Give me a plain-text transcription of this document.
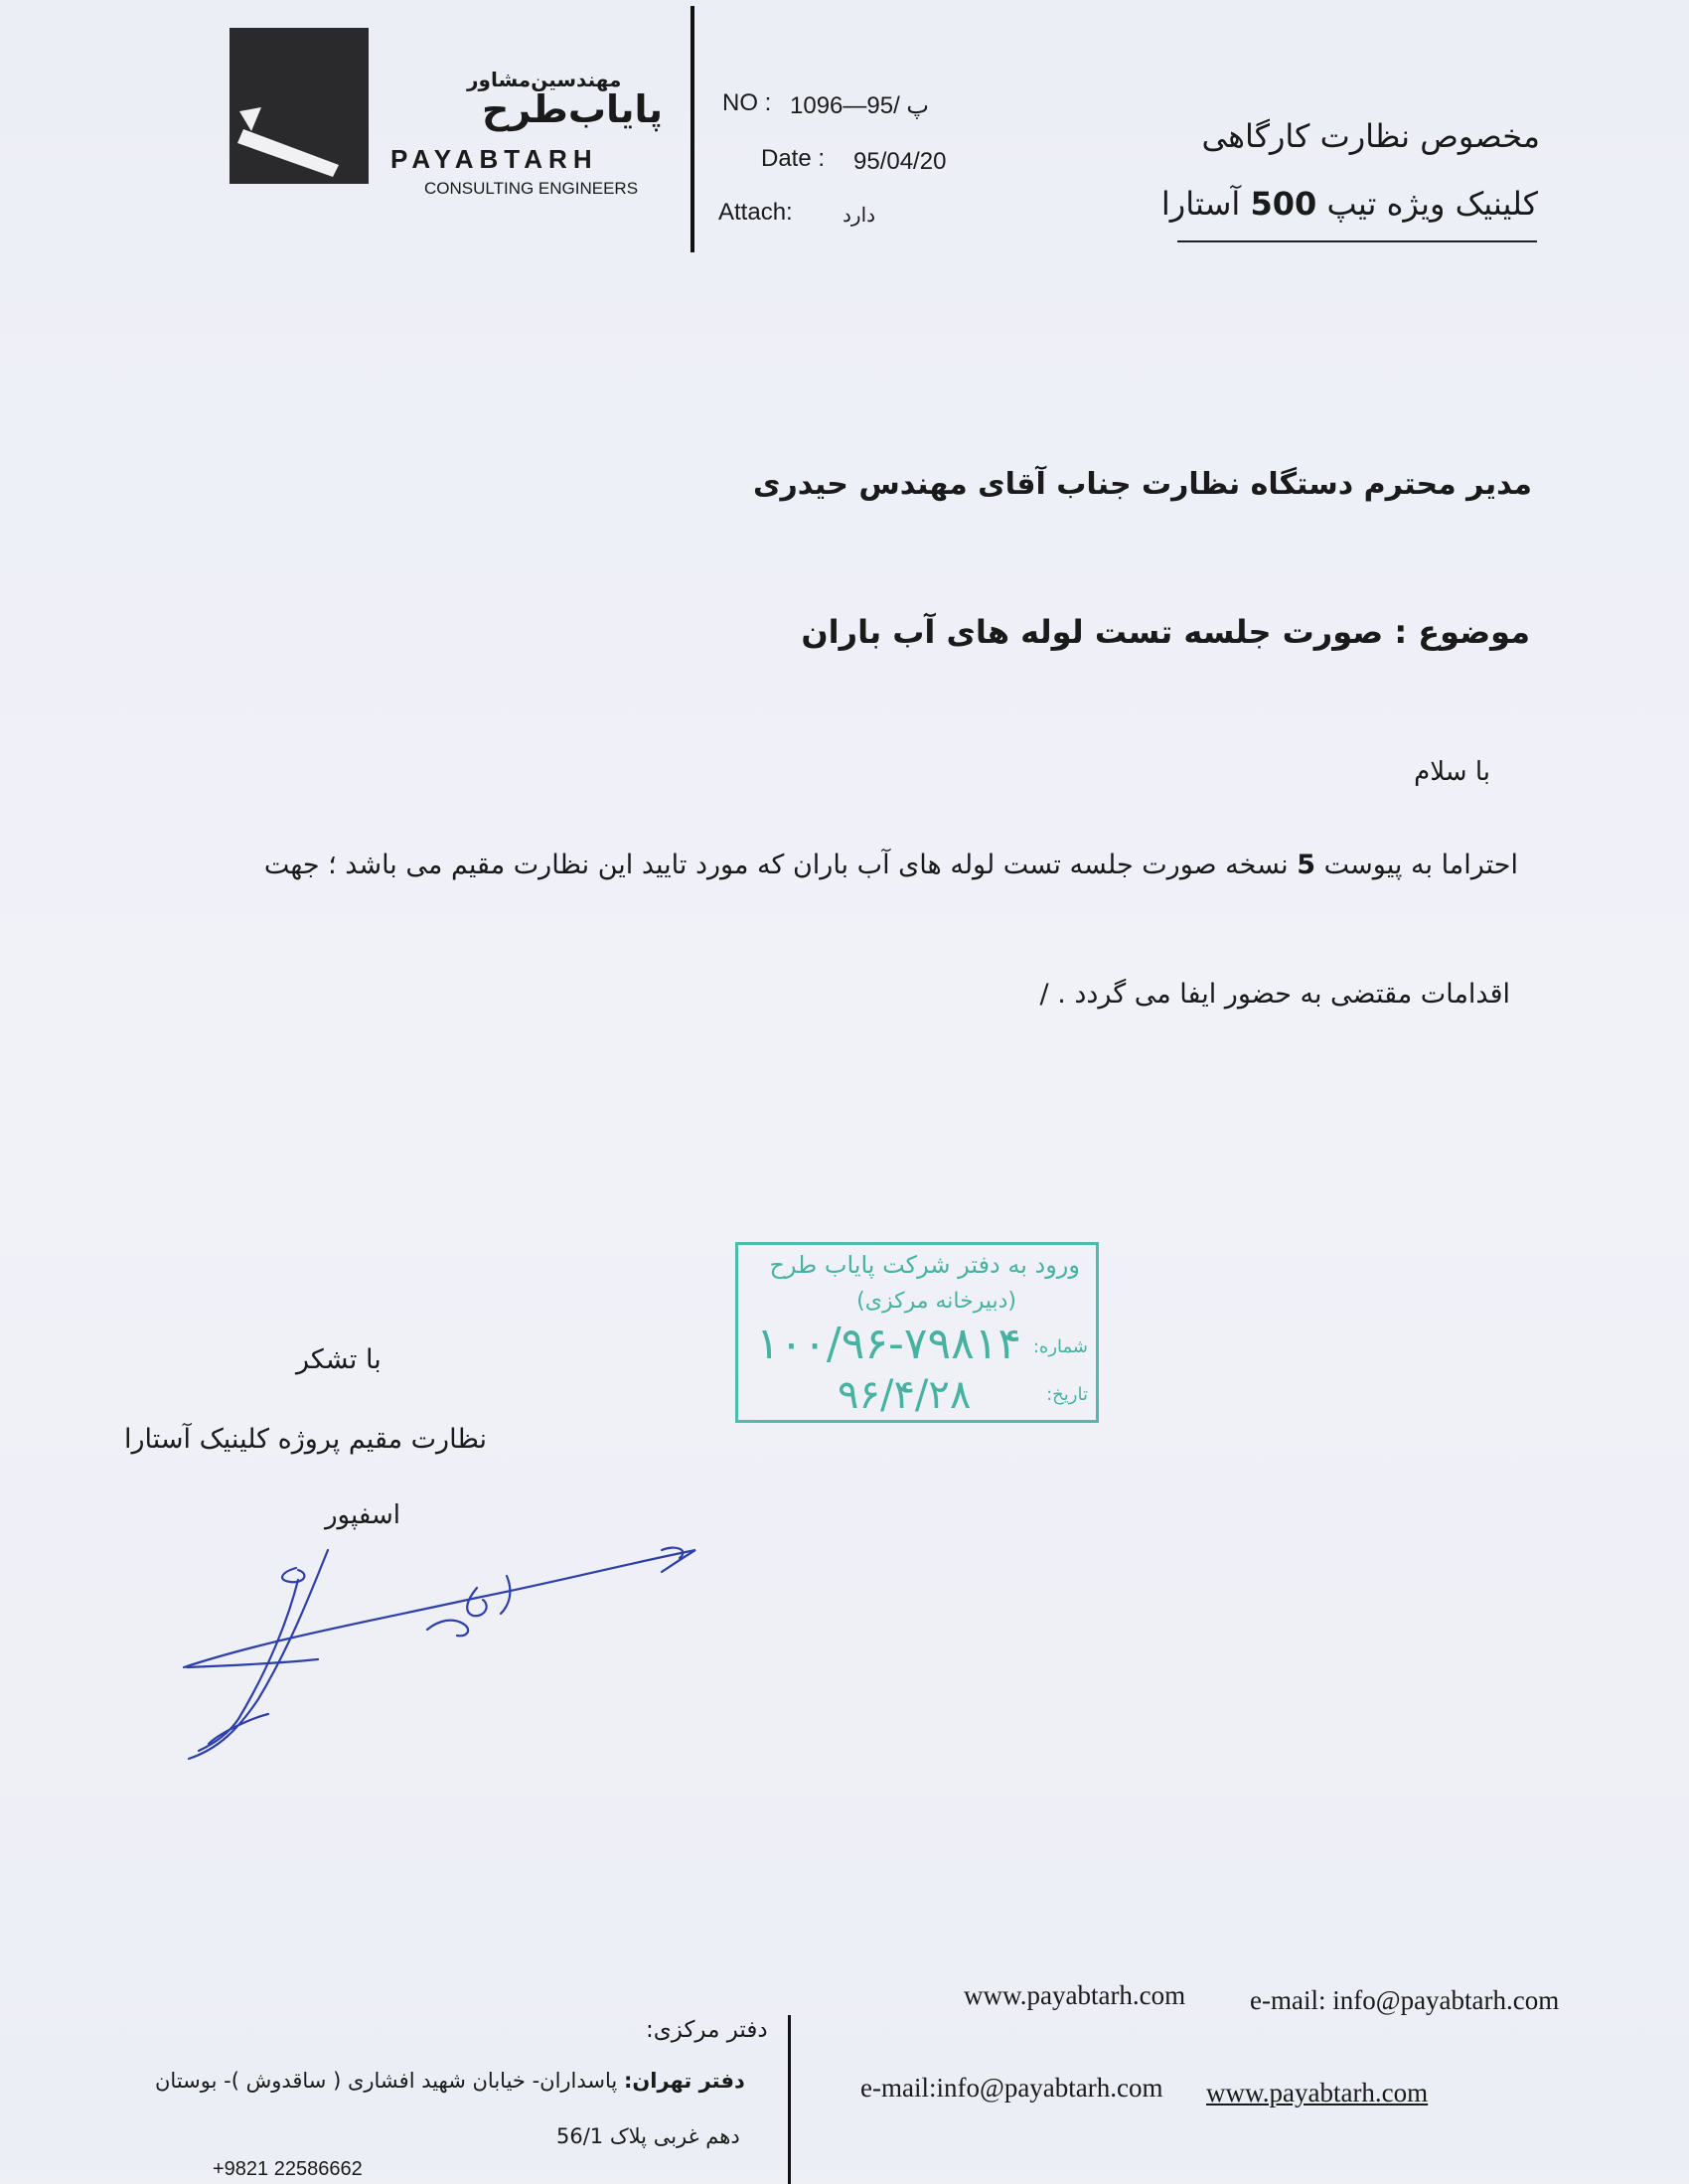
مهندسین‌مشاور
پایاب‌طرح
PAYABTARH
CONSULTING ENGINEERS
NO : پ /95—1096
Date : 95/04/20
Attach:	دارد
مخصوص نظارت کارگاهی
کلینیک ویژه تیپ 500 آستارا
مدیر محترم دستگاه نظارت جناب آقای مهندس حیدری
موضوع : صورت جلسه تست لوله های آب باران
با سلام
احتراما به پیوست 5 نسخه صورت جلسه تست لوله های آب باران که مورد تایید این نظارت مقیم می باشد ؛ جهت
اقدامات مقتضی به حضور ایفا می گردد . /
ورود به دفتر شرکت پایاب طرح
(دبیرخانه مرکزی)
شماره:
تاریخ:
۱۰۰/۹۶-۷۹۸۱۴
۹۶/۴/۲۸
با تشکر
نظارت مقیم پروژه کلینیک آستارا
اسفپور
www.payabtarh.com e-mail: info@payabtarh.com
e-mail:info@payabtarh.com www.payabtarh.com
دفتر مرکزی:
دفتر تهران: پاسداران- خیابان شهید افشاری ( ساقدوش )- بوستان
دهم غربی پلاک 56/1
+9821 22586662
